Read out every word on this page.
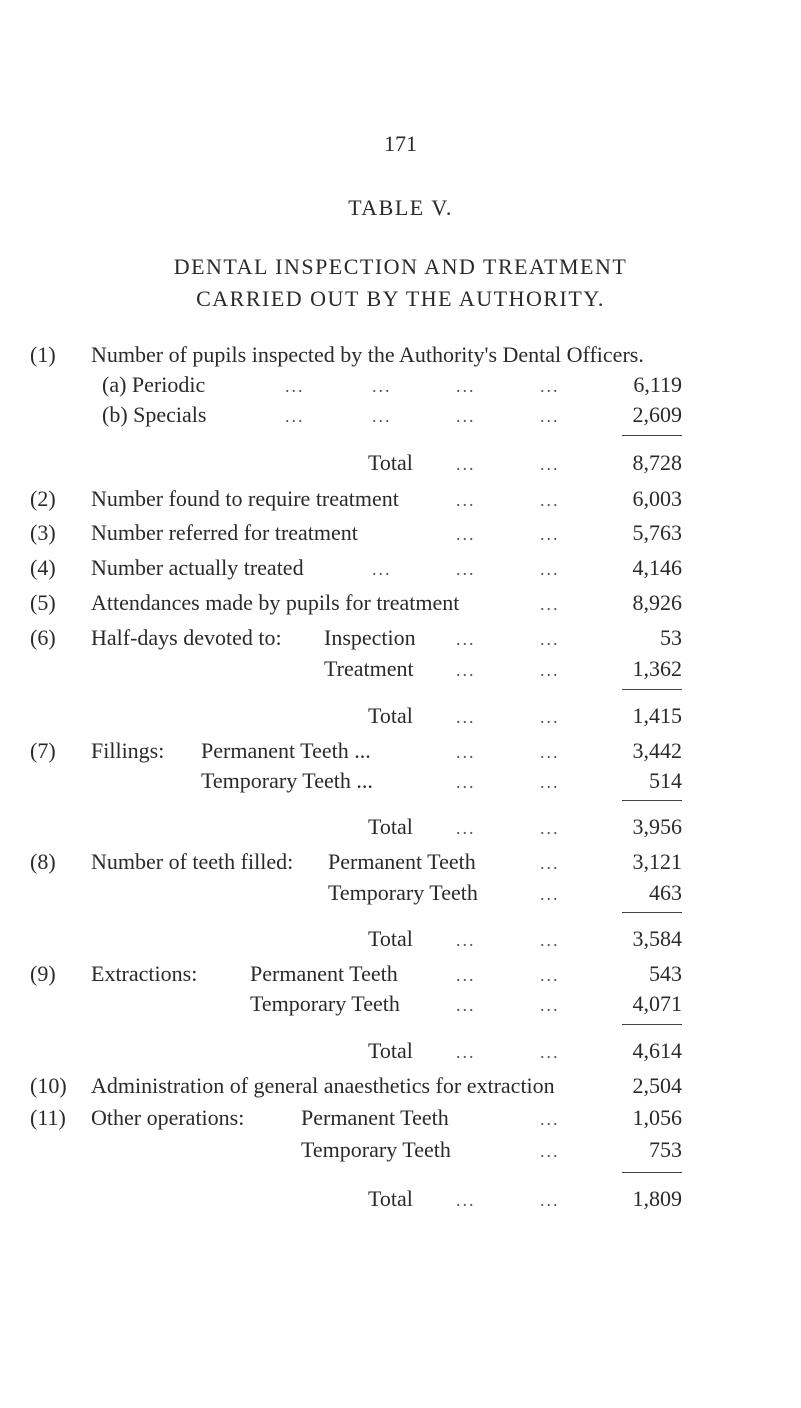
171
TABLE V.
DENTAL INSPECTION AND TREATMENT
CARRIED OUT BY THE AUTHORITY.
(1) Number of pupils inspected by the Authority's Dental Officers.
(a) Periodic	...	...	...	...	6,119
(b) Specials	...	...	...	...	2,609
Total ...	...	8,728
(2) Number found to require treatment	...	...	6,003
(3) Number referred for treatment	...	...	5,763
(4) Number actually treated	...	...	...	4,146
(5) Attendances made by pupils for treatment	...	8,926
(6) Half-days devoted to: Inspection ...	...	53
Treatment ...	...	1,362
Total ...	...	1,415
(7) Fillings: Permanent Teeth ...	...	...	3,442
Temporary Teeth ...	...	...	514
Total ...	...	3,956
(8) Number of teeth filled: Permanent Teeth	...	3,121
Temporary Teeth	...	463
Total ...	...	3,584
(9) Extractions: Permanent Teeth	...	...	543
Temporary Teeth	...	...	4,071
Total ...	...	4,614
(10) Administration of general anaesthetics for extraction	2,504
(11) Other operations:	Permanent Teeth	...	1,056
Temporary Teeth	...	753
Total ...	...	1,809
